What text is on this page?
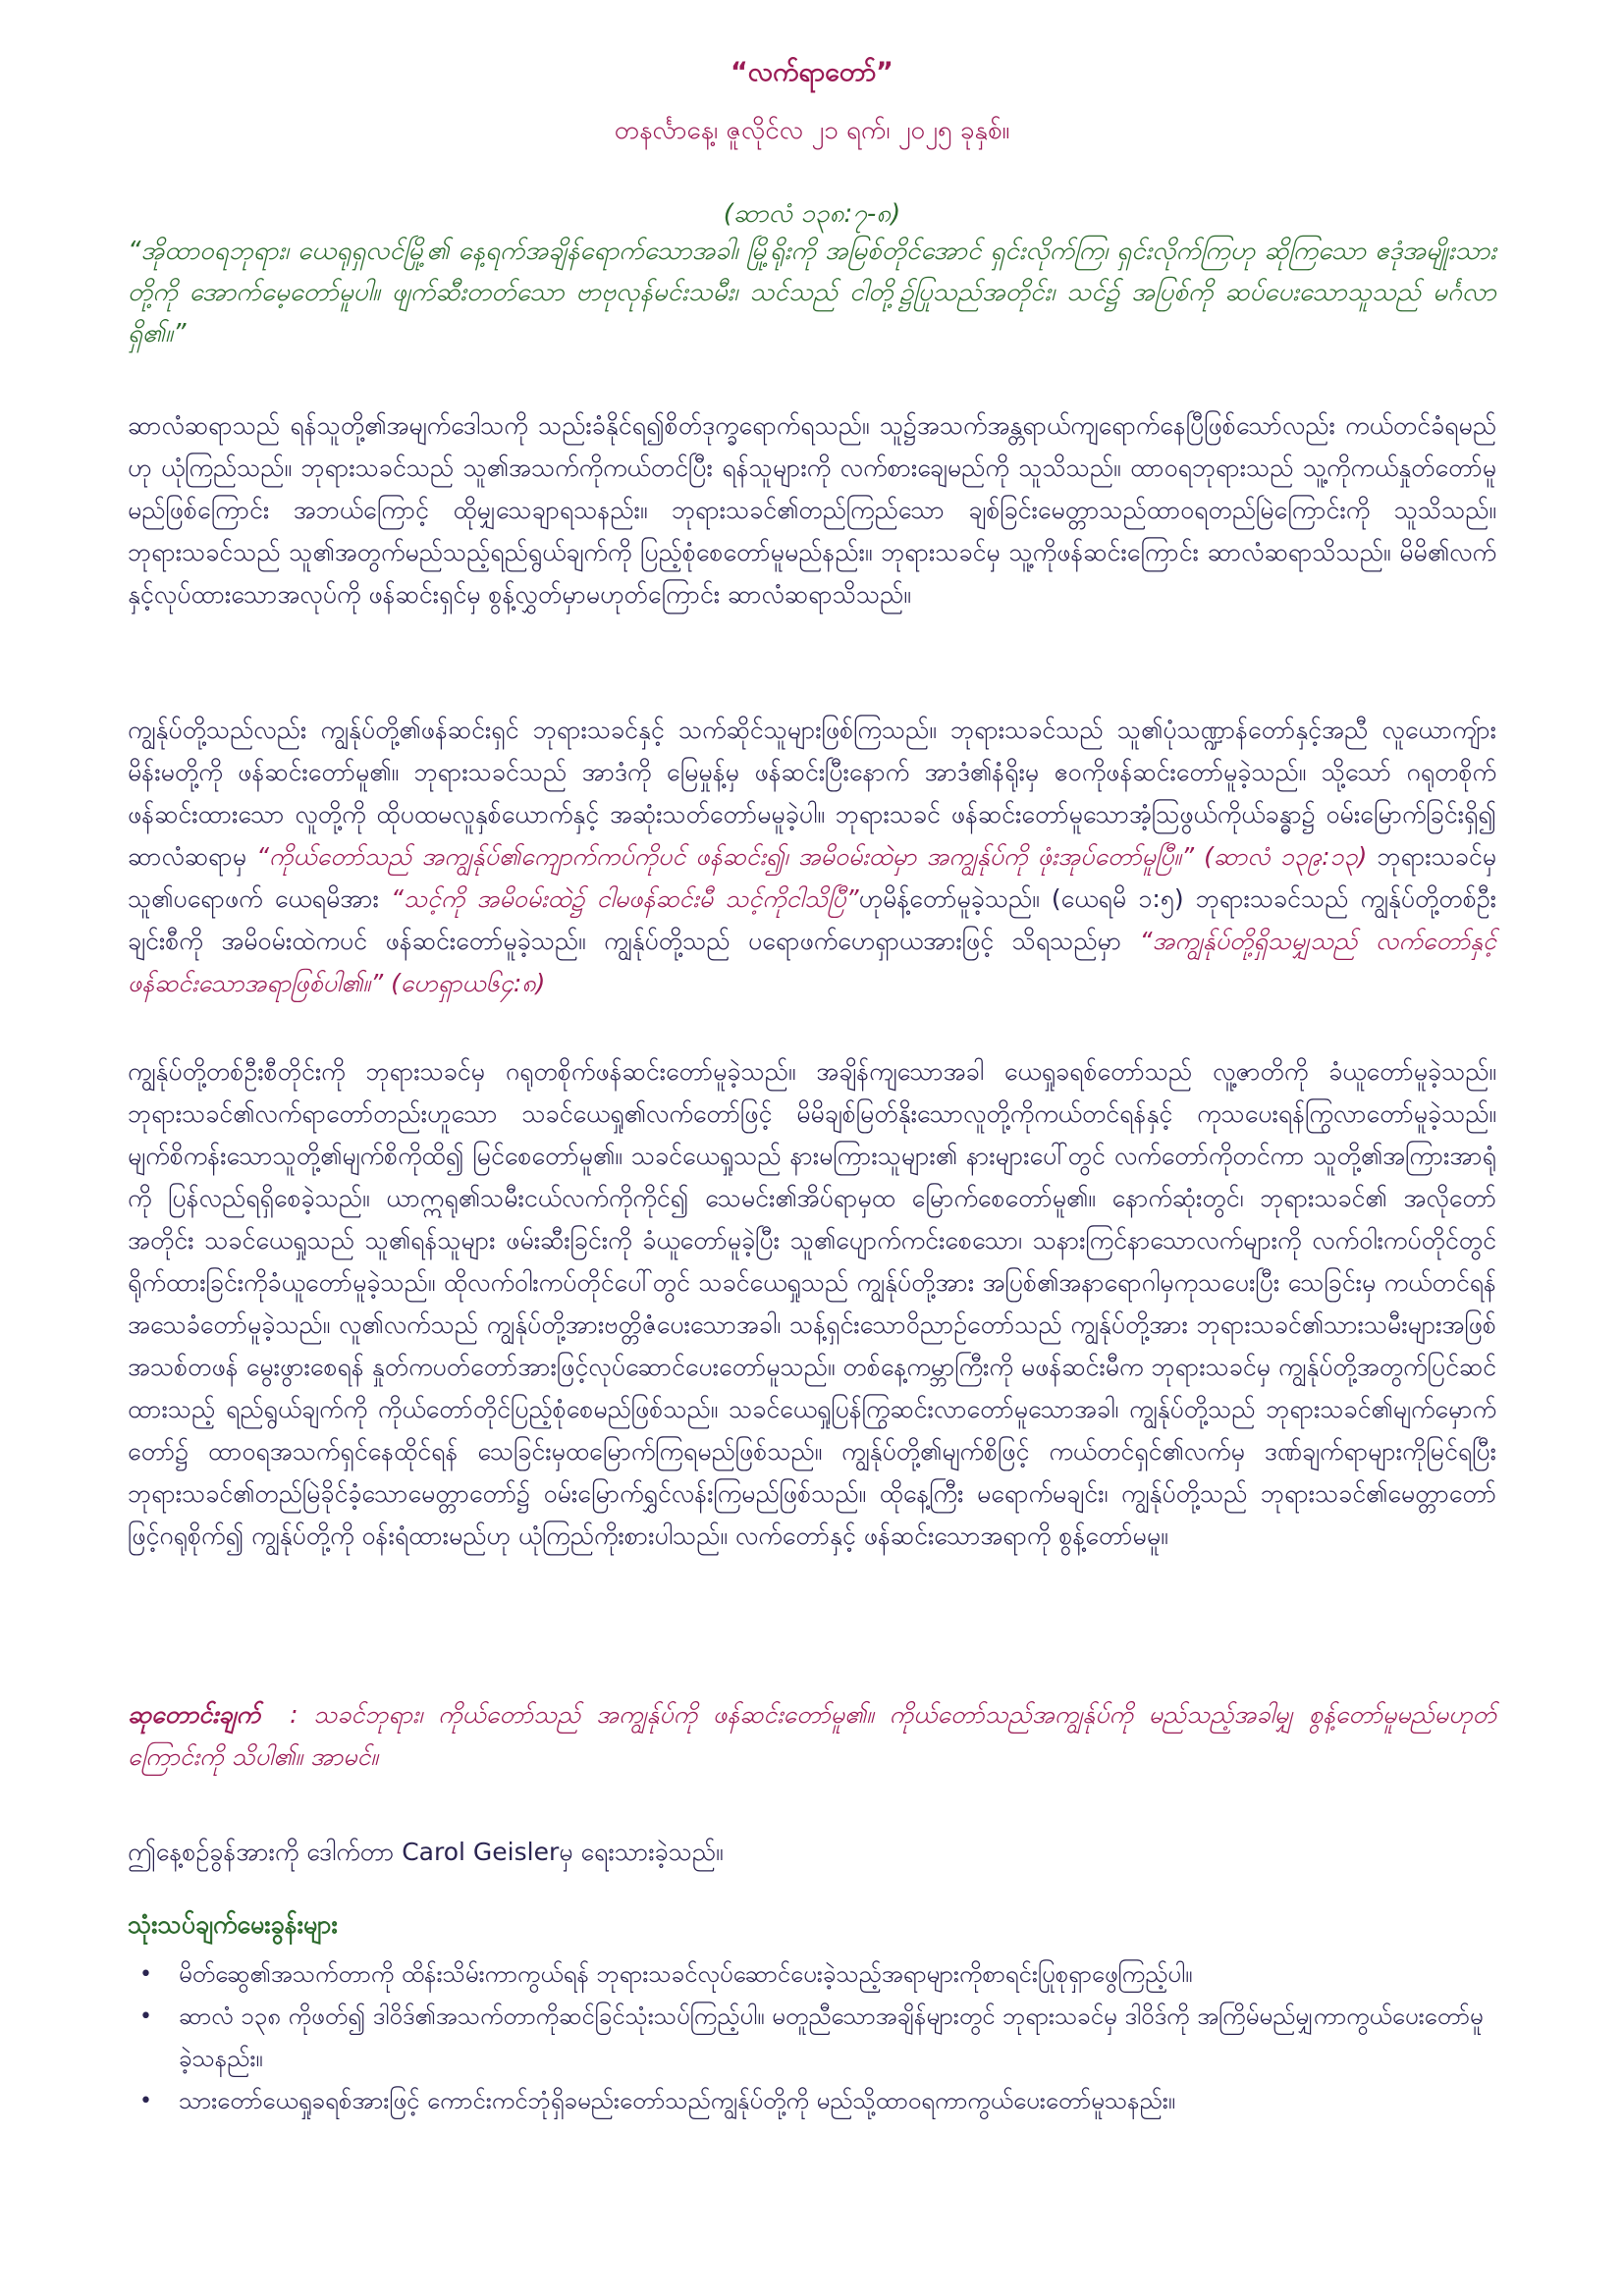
“လက်ရာတော်”
တနင်္လာနေ့၊ ဇူလိုင်လ ၂၁ ရက်၊ ၂၀၂၅ ခုနှစ်။
(ဆာလံ ၁၃၈:၇-၈)
“အိုထာဝရဘုရား၊ ယေရုရှလင်မြို့၏ နေ့ရက်အချိန်ရောက်သောအခါ၊ မြို့ရိုးကို အမြစ်တိုင်အောင် ရှင်းလိုက်ကြ၊ ရှင်းလိုက်ကြဟု ဆိုကြသော ဧဒုံအမျိုးသားတို့ကို အောက်မေ့တော်မူပါ။ ဖျက်ဆီးတတ်သော ဗာဗုလုန်မင်းသမီး၊ သင်သည် ငါတို့၌ပြုသည်အတိုင်း၊ သင်၌ အပြစ်ကို ဆပ်ပေးသောသူသည် မင်္ဂလာရှိ၏။”
ဆာလံဆရာသည် ရန်သူတို့၏အမျက်ဒေါသကို သည်းခံနိုင်ရ၍စိတ်ဒုက္ခရောက်ရသည်။ သူ၌အသက်အန္တရာယ်ကျရောက်နေပြီဖြစ်သော်လည်း ကယ်တင်ခံရမည်ဟု ယုံကြည်သည်။ ဘုရားသခင်သည် သူ၏အသက်ကိုကယ်တင်ပြီး ရန်သူများကို လက်စားချေမည်ကို သူသိသည်။ ထာဝရဘုရားသည် သူ့ကိုကယ်နှုတ်တော်မူမည်ဖြစ်ကြောင်း အဘယ်ကြောင့် ထိုမျှသေချာရသနည်း။ ဘုရားသခင်၏တည်ကြည်သော ချစ်ခြင်းမေတ္တာသည်ထာဝရတည်မြဲကြောင်းကို သူသိသည်။ ဘုရားသခင်သည် သူ၏အတွက်မည်သည့်ရည်ရွယ်ချက်ကို ပြည့်စုံစေတော်မူမည်နည်း။ ဘုရားသခင်မှ သူ့ကိုဖန်ဆင်းကြောင်း ဆာလံဆရာသိသည်။ မိမိ၏လက်နှင့်လုပ်ထားသောအလုပ်ကို ဖန်ဆင်းရှင်မှ စွန့်လွှတ်မှာမဟုတ်ကြောင်း ဆာလံဆရာသိသည်။
ကျွန်ုပ်တို့သည်လည်း ကျွန်ုပ်တို့၏ဖန်ဆင်းရှင် ဘုရားသခင်နှင့် သက်ဆိုင်သူများဖြစ်ကြသည်။ ဘုရားသခင်သည် သူ၏ပုံသဏ္ဍာန်တော်နှင့်အညီ လူယောကျ်ား မိန်းမတို့ကို ဖန်ဆင်းတော်မူ၏။ ဘုရားသခင်သည် အာဒံကို မြေမှုန့်မှ ဖန်ဆင်းပြီးနောက် အာဒံ၏နံရိုးမှ ဧဝကိုဖန်ဆင်းတော်မူခဲ့သည်။ သို့သော် ဂရုတစိုက်ဖန်ဆင်းထားသော လူတို့ကို ထိုပထမလူနှစ်ယောက်နှင့် အဆုံးသတ်တော်မမူခဲ့ပါ။ ဘုရားသခင် ဖန်ဆင်းတော်မူသောအံ့သြဖွယ်ကိုယ်ခန္ဓာ၌ ဝမ်းမြောက်ခြင်းရှိ၍ ဆာလံဆရာမှ “ကိုယ်တော်သည် အကျွန်ုပ်၏ကျောက်ကပ်ကိုပင် ဖန်ဆင်း၍၊ အမိဝမ်းထဲမှာ အကျွန်ုပ်ကို ဖုံးအုပ်တော်မူပြီ။” (ဆာလံ ၁၃၉:၁၃) ဘုရားသခင်မှ သူ၏ပရောဖက် ယေရမိအား “သင့်ကို အမိဝမ်းထဲ၌ ငါမဖန်ဆင်းမီ သင့်ကိုငါသိပြီ”ဟုမိန့်တော်မူခဲ့သည်။ (ယေရမိ ၁:၅) ဘုရားသခင်သည် ကျွန်ုပ်တို့တစ်ဦးချင်းစီကို အမိဝမ်းထဲကပင် ဖန်ဆင်းတော်မူခဲ့သည်။ ကျွန်ုပ်တို့သည် ပရောဖက်ဟေရှာယအားဖြင့် သိရသည်မှာ “အကျွန်ုပ်တို့ရှိသမျှသည် လက်တော်နှင့် ဖန်ဆင်းသောအရာဖြစ်ပါ၏။” (ဟေရှာယ၆၄:၈)
ကျွန်ုပ်တို့တစ်ဦးစီတိုင်းကို ဘုရားသခင်မှ ဂရုတစိုက်ဖန်ဆင်းတော်မူခဲ့သည်။ အချိန်ကျသောအခါ ယေရှုခရစ်တော်သည် လူ့ဇာတိကို ခံယူတော်မူခဲ့သည်။ ဘုရားသခင်၏လက်ရာတော်တည်းဟူသော သခင်ယေရှု၏လက်တော်ဖြင့် မိမိချစ်မြတ်နိုးသောလူတို့ကိုကယ်တင်ရန်နှင့် ကုသပေးရန်ကြွလာတော်မူခဲ့သည်။ မျက်စိကန်းသောသူတို့၏မျက်စိကိုထိ၍ မြင်စေတော်မူ၏။ သခင်ယေရှုသည် နားမကြားသူများ၏ နားများပေါ်တွင် လက်တော်ကိုတင်ကာ သူတို့၏အကြားအာရုံကို ပြန်လည်ရရှိစေခဲ့သည်။ ယာဣရု၏သမီးငယ်လက်ကိုကိုင်၍ သေမင်း၏အိပ်ရာမှထ မြောက်စေတော်မူ၏။ နောက်ဆုံးတွင်၊ ဘုရားသခင်၏ အလိုတော်အတိုင်း သခင်ယေရှုသည် သူ၏ရန်သူများ ဖမ်းဆီးခြင်းကို ခံယူတော်မူခဲ့ပြီး သူ၏ပျောက်ကင်းစေသော၊ သနားကြင်နာသောလက်များကို လက်ဝါးကပ်တိုင်တွင် ရိုက်ထားခြင်းကိုခံယူတော်မူခဲ့သည်။ ထိုလက်ဝါးကပ်တိုင်ပေါ်တွင် သခင်ယေရှုသည် ကျွန်ုပ်တို့အား အပြစ်၏အနာရောဂါမှကုသပေးပြီး သေခြင်းမှ ကယ်တင်ရန် အသေခံတော်မူခဲ့သည်။ လူ၏လက်သည် ကျွန်ုပ်တို့အားဗတ္တိဇံပေးသောအခါ၊ သန့်ရှင်းသောဝိညာဉ်တော်သည် ကျွန်ုပ်တို့အား ဘုရားသခင်၏သားသမီးများအဖြစ် အသစ်တဖန် မွေးဖွားစေရန် နှုတ်ကပတ်တော်အားဖြင့်လုပ်ဆောင်ပေးတော်မူသည်။ တစ်နေ့ကမ္ဘာကြီးကို မဖန်ဆင်းမီက ဘုရားသခင်မှ ကျွန်ုပ်တို့အတွက်ပြင်ဆင်ထားသည့် ရည်ရွယ်ချက်ကို ကိုယ်တော်တိုင်ပြည့်စုံစေမည်ဖြစ်သည်။ သခင်ယေရှုပြန်ကြွဆင်းလာတော်မူသောအခါ၊ ကျွန်ုပ်တို့သည် ဘုရားသခင်၏မျက်မှောက်တော်၌ ထာဝရအသက်ရှင်နေထိုင်ရန် သေခြင်းမှထမြောက်ကြရမည်ဖြစ်သည်။ ကျွန်ုပ်တို့၏မျက်စိဖြင့် ကယ်တင်ရှင်၏လက်မှ ဒဏ်ချက်ရာများကိုမြင်ရပြီး ဘုရားသခင်၏တည်မြဲခိုင်ခံ့သောမေတ္တာတော်၌ ဝမ်းမြောက်ရွှင်လန်းကြမည်ဖြစ်သည်။ ထိုနေ့ကြီး မရောက်မချင်း၊ ကျွန်ုပ်တို့သည် ဘုရားသခင်၏မေတ္တာတော်ဖြင့်ဂရုစိုက်၍ ကျွန်ုပ်တို့ကို ဝန်းရံထားမည်ဟု ယုံကြည်ကိုးစားပါသည်။ လက်တော်နှင့် ဖန်ဆင်းသောအရာကို စွန့်တော်မမူ။
ဆုတောင်းချက် : သခင်ဘုရား၊ ကိုယ်တော်သည် အကျွန်ုပ်ကို ဖန်ဆင်းတော်မူ၏။ ကိုယ်တော်သည်အကျွန်ုပ်ကို မည်သည့်အခါမျှ စွန့်တော်မူမည်မဟုတ်ကြောင်းကို သိပါ၏။ အာမင်။
ဤနေ့စဉ်ခွန်အားကို ဒေါက်တာ Carol Geislerမှ ရေးသားခဲ့သည်။
သုံးသပ်ချက်မေးခွန်းများ
• မိတ်ဆွေ၏အသက်တာကို ထိန်းသိမ်းကာကွယ်ရန် ဘုရားသခင်လုပ်ဆောင်ပေးခဲ့သည့်အရာများကိုစာရင်းပြုစုရှာဖွေကြည့်ပါ။
• ဆာလံ ၁၃၈ ကိုဖတ်၍ ဒါဝိဒ်၏အသက်တာကိုဆင်ခြင်သုံးသပ်ကြည့်ပါ။ မတူညီသောအချိန်များတွင် ဘုရားသခင်မှ ဒါဝိဒ်ကို အကြိမ်မည်မျှကာကွယ်ပေးတော်မူခဲ့သနည်း။
• သားတော်ယေရှုခရစ်အားဖြင့် ကောင်းကင်ဘုံရှိခမည်းတော်သည်ကျွန်ုပ်တို့ကို မည်သို့ထာဝရကာကွယ်ပေးတော်မူသနည်း။
